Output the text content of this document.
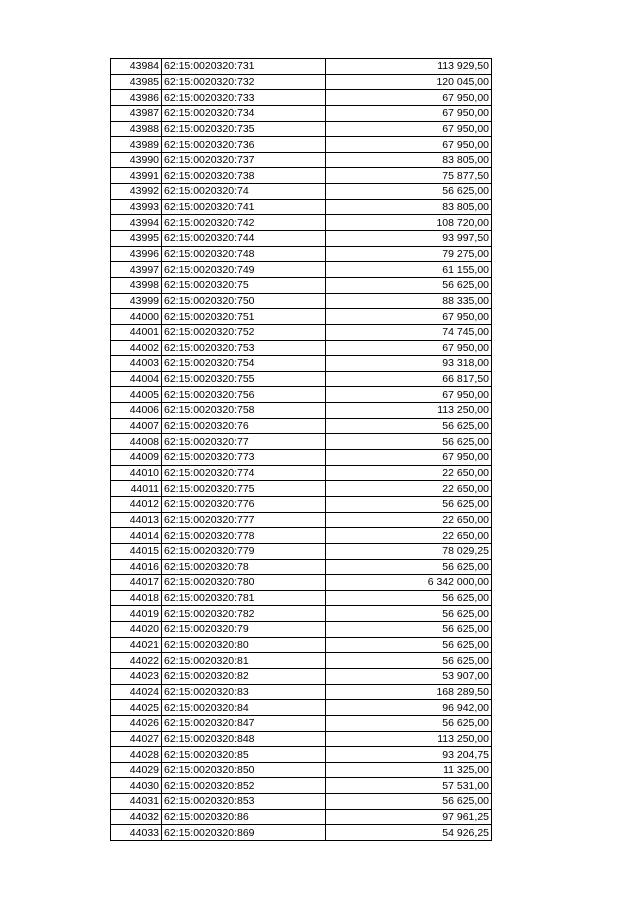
43984	62:15:0020320:731	113 929,50
43985	62:15:0020320:732	120 045,00
43986	62:15:0020320:733	67 950,00
43987	62:15:0020320:734	67 950,00
43988	62:15:0020320:735	67 950,00
43989	62:15:0020320:736	67 950,00
43990	62:15:0020320:737	83 805,00
43991	62:15:0020320:738	75 877,50
43992	62:15:0020320:74	56 625,00
43993	62:15:0020320:741	83 805,00
43994	62:15:0020320:742	108 720,00
43995	62:15:0020320:744	93 997,50
43996	62:15:0020320:748	79 275,00
43997	62:15:0020320:749	61 155,00
43998	62:15:0020320:75	56 625,00
43999	62:15:0020320:750	88 335,00
44000	62:15:0020320:751	67 950,00
44001	62:15:0020320:752	74 745,00
44002	62:15:0020320:753	67 950,00
44003	62:15:0020320:754	93 318,00
44004	62:15:0020320:755	66 817,50
44005	62:15:0020320:756	67 950,00
44006	62:15:0020320:758	113 250,00
44007	62:15:0020320:76	56 625,00
44008	62:15:0020320:77	56 625,00
44009	62:15:0020320:773	67 950,00
44010	62:15:0020320:774	22 650,00
44011	62:15:0020320:775	22 650,00
44012	62:15:0020320:776	56 625,00
44013	62:15:0020320:777	22 650,00
44014	62:15:0020320:778	22 650,00
44015	62:15:0020320:779	78 029,25
44016	62:15:0020320:78	56 625,00
44017	62:15:0020320:780	6 342 000,00
44018	62:15:0020320:781	56 625,00
44019	62:15:0020320:782	56 625,00
44020	62:15:0020320:79	56 625,00
44021	62:15:0020320:80	56 625,00
44022	62:15:0020320:81	56 625,00
44023	62:15:0020320:82	53 907,00
44024	62:15:0020320:83	168 289,50
44025	62:15:0020320:84	96 942,00
44026	62:15:0020320:847	56 625,00
44027	62:15:0020320:848	113 250,00
44028	62:15:0020320:85	93 204,75
44029	62:15:0020320:850	11 325,00
44030	62:15:0020320:852	57 531,00
44031	62:15:0020320:853	56 625,00
44032	62:15:0020320:86	97 961,25
44033	62:15:0020320:869	54 926,25
